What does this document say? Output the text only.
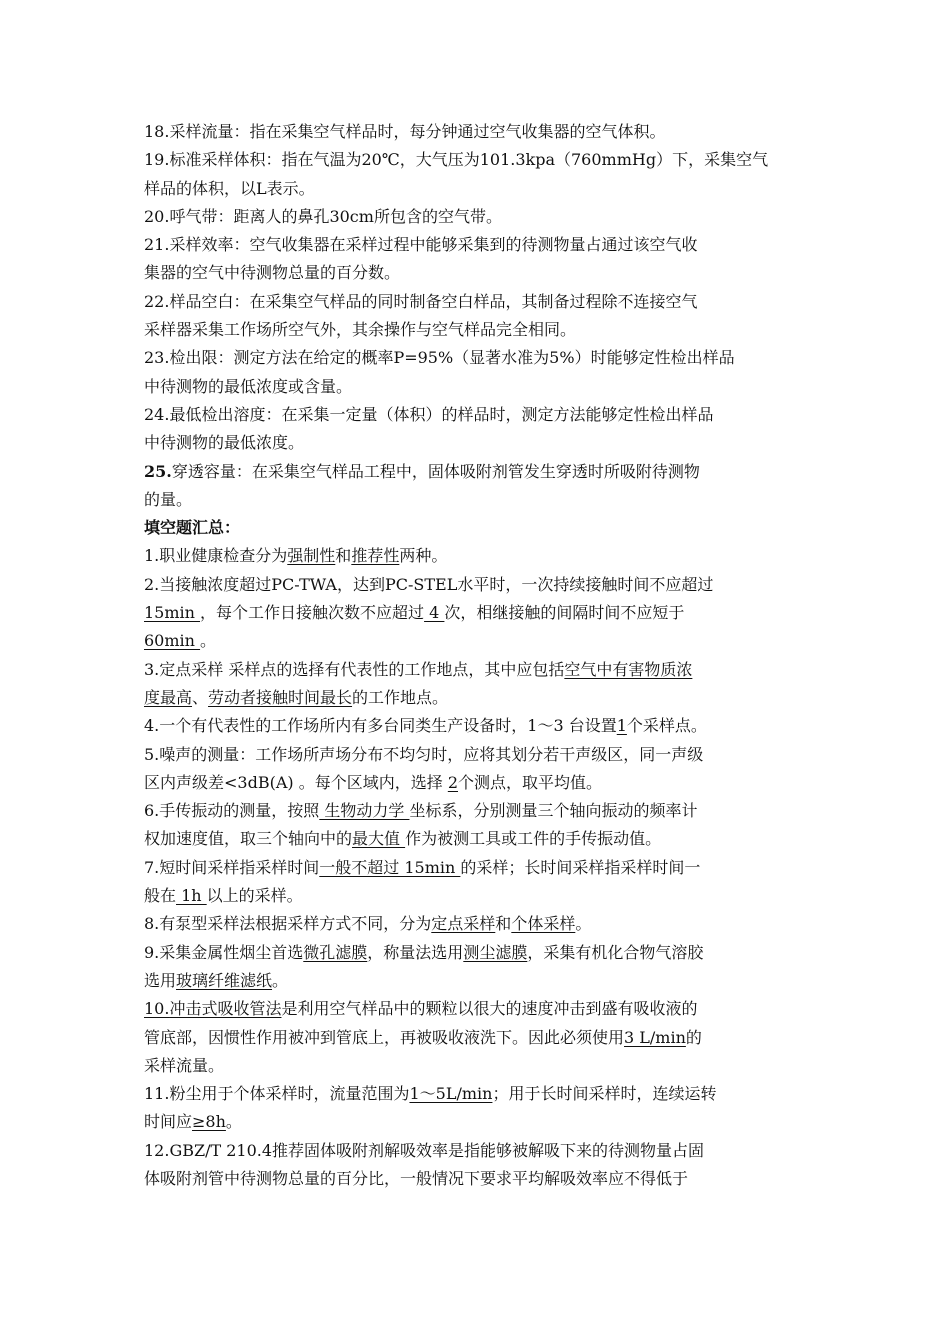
18.采样流量：指在采集空气样品时，每分钟通过空气收集器的空气体积。
19.标准采样体积：指在气温为20℃，大气压为101.3kpa（760mmHg）下，采集空气
样品的体积，以L表示。
20.呼气带：距离人的鼻孔30cm所包含的空气带。
21.采样效率：空气收集器在采样过程中能够采集到的待测物量占通过该空气收
集器的空气中待测物总量的百分数。
22.样品空白：在采集空气样品的同时制备空白样品，其制备过程除不连接空气
采样器采集工作场所空气外，其余操作与空气样品完全相同。
23.检出限：测定方法在给定的概率P=95%（显著水准为5%）时能够定性检出样品
中待测物的最低浓度或含量。
24.最低检出溶度：在采集一定量（体积）的样品时，测定方法能够定性检出样品
中待测物的最低浓度。
25.穿透容量：在采集空气样品工程中，固体吸附剂管发生穿透时所吸附待测物
的量。
填空题汇总：
1.职业健康检查分为强制性和推荐性两种。
2.当接触浓度超过PC-TWA，达到PC-STEL水平时，一次持续接触时间不应超过
15min ，每个工作日接触次数不应超过 4 次，相继接触的间隔时间不应短于
60min 。
3.定点采样 采样点的选择有代表性的工作地点，其中应包括空气中有害物质浓
度最高、劳动者接触时间最长的工作地点。
4.一个有代表性的工作场所内有多台同类生产设备时，1～3 台设置1个采样点。
5.噪声的测量：工作场所声场分布不均匀时，应将其划分若干声级区，同一声级
区内声级差<3dB(A) 。每个区域内，选择 2个测点，取平均值。
6.手传振动的测量，按照 生物动力学 坐标系，分别测量三个轴向振动的频率计
权加速度值，取三个轴向中的最大值 作为被测工具或工件的手传振动值。
7.短时间采样指采样时间一般不超过 15min 的采样；长时间采样指采样时间一
般在 1h 以上的采样。
8.有泵型采样法根据采样方式不同，分为定点采样和个体采样。
9.采集金属性烟尘首选微孔滤膜，称量法选用测尘滤膜，采集有机化合物气溶胶
选用玻璃纤维滤纸。
10.冲击式吸收管法是利用空气样品中的颗粒以很大的速度冲击到盛有吸收液的
管底部，因惯性作用被冲到管底上，再被吸收液洗下。因此必须使用3 L/min的
采样流量。
11.粉尘用于个体采样时，流量范围为1～5L/min；用于长时间采样时，连续运转
时间应≥8h。
12.GBZ/T 210.4推荐固体吸附剂解吸效率是指能够被解吸下来的待测物量占固
体吸附剂管中待测物总量的百分比，一般情况下要求平均解吸效率应不得低于
